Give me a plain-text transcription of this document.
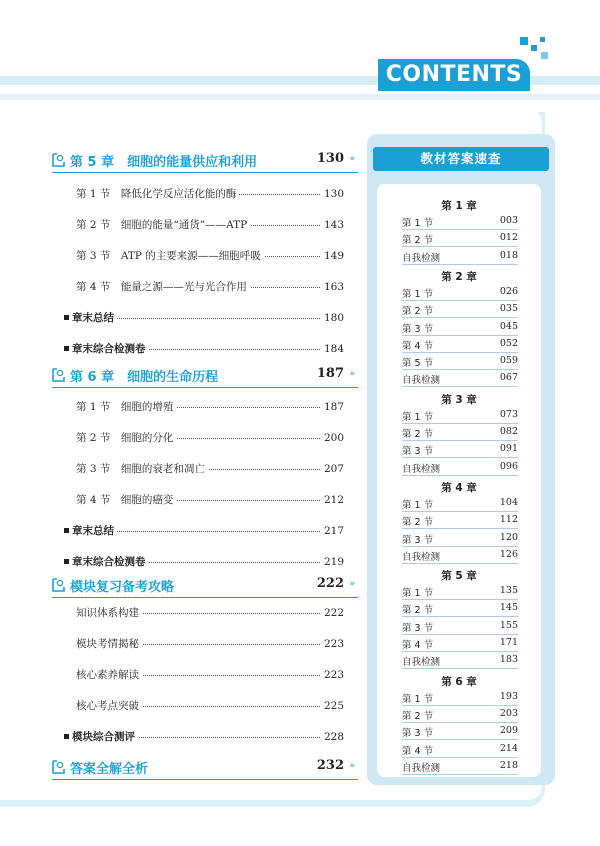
CONTENTS
第 5 章　细胞的能量供应和利用	130 »
第 1 节　降低化学反应活化能的酶	130
第 2 节　细胞的能量“通货”——ATP	143
第 3 节　ATP 的主要来源——细胞呼吸	149
第 4 节　能量之源——光与光合作用	163
章末总结	180
章末综合检测卷	184
第 6 章　细胞的生命历程	187 »
第 1 节　细胞的增殖	187
第 2 节　细胞的分化	200
第 3 节　细胞的衰老和凋亡	207
第 4 节　细胞的癌变	212
章末总结	217
章末综合检测卷	219
模块复习备考攻略	222 »
知识体系构建	222
模块考情揭秘	223
核心素养解读	223
核心考点突破	225
模块综合测评	228
答案全解全析	232 »
教材答案速查
第 1 章
第 1 节	003
第 2 节	012
自我检测	018
第 2 章
第 1 节	026
第 2 节	035
第 3 节	045
第 4 节	052
第 5 节	059
自我检测	067
第 3 章
第 1 节	073
第 2 节	082
第 3 节	091
自我检测	096
第 4 章
第 1 节	104
第 2 节	112
第 3 节	120
自我检测	126
第 5 章
第 1 节	135
第 2 节	145
第 3 节	155
第 4 节	171
自我检测	183
第 6 章
第 1 节	193
第 2 节	203
第 3 节	209
第 4 节	214
自我检测	218
